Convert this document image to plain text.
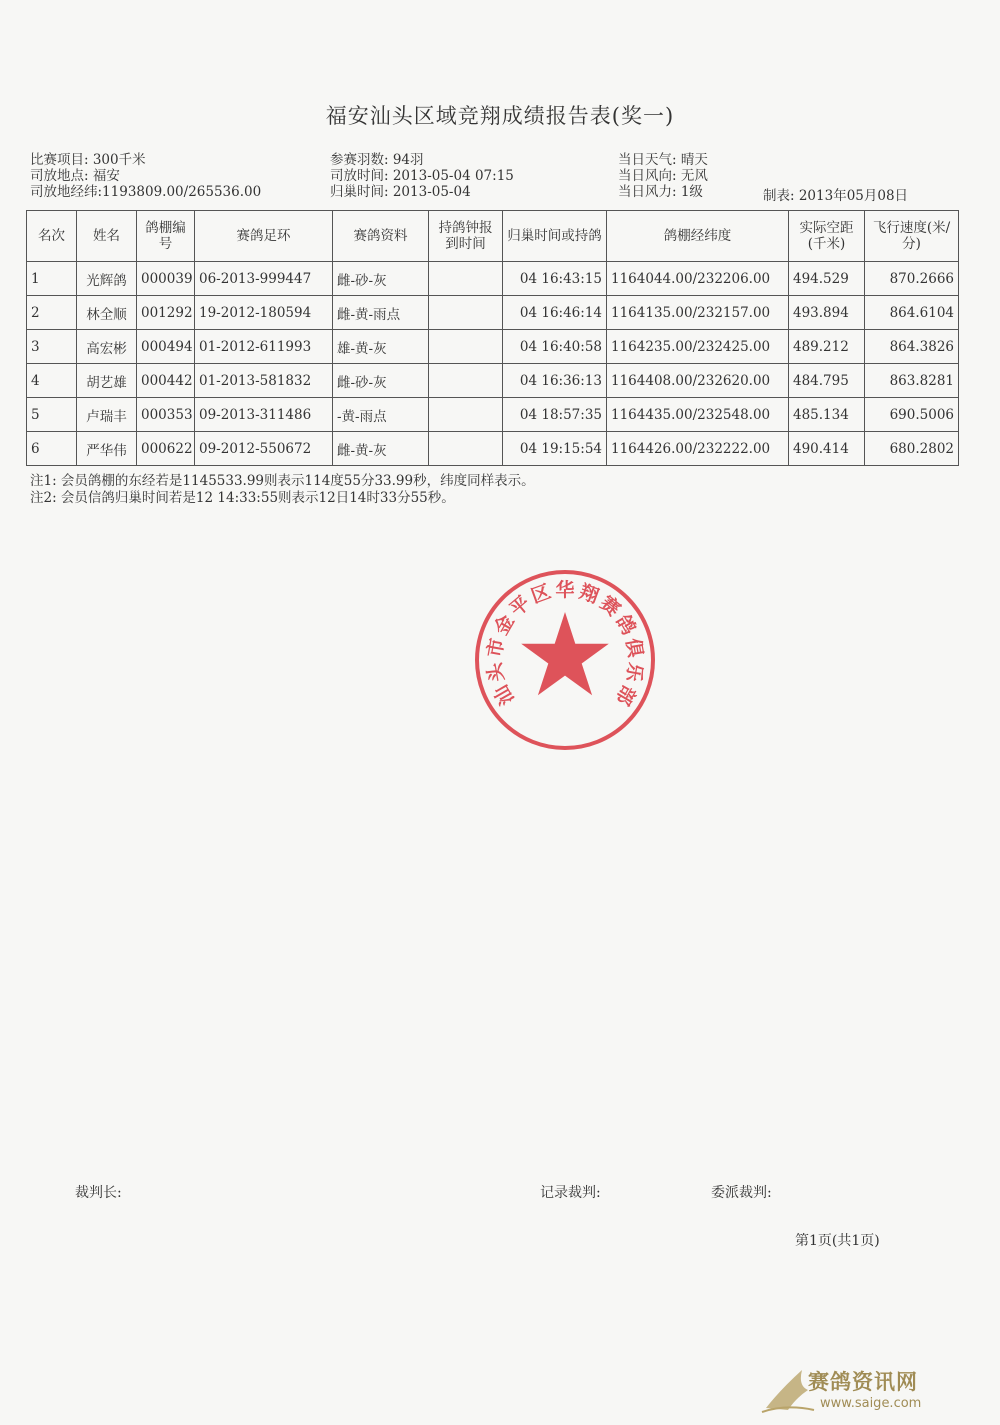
福安汕头区域竞翔成绩报告表(奖一)
比赛项目: 300千米
司放地点: 福安
司放地经纬:1193809.00/265536.00
参赛羽数: 94羽
司放时间: 2013-05-04 07:15
归巢时间: 2013-05-04
当日天气: 晴天
当日风向: 无风
当日风力: 1级	制表: 2013年05月08日
名次	姓名	鸽棚编号	赛鸽足环	赛鸽资料	持鸽钟报到时间	归巢时间或持鸽	鸽棚经纬度	实际空距(千米)	飞行速度(米/分)
1	光辉鸽	000039	06-2013-999447	雌-砂-灰		04 16:43:15	1164044.00/232206.00	494.529	870.2666
2	林全顺	001292	19-2012-180594	雌-黄-雨点		04 16:46:14	1164135.00/232157.00	493.894	864.6104
3	高宏彬	000494	01-2012-611993	雄-黄-灰		04 16:40:58	1164235.00/232425.00	489.212	864.3826
4	胡艺雄	000442	01-2013-581832	雌-砂-灰		04 16:36:13	1164408.00/232620.00	484.795	863.8281
5	卢瑞丰	000353	09-2013-311486	-黄-雨点		04 18:57:35	1164435.00/232548.00	485.134	690.5006
6	严华伟	000622	09-2012-550672	雌-黄-灰		04 19:15:54	1164426.00/232222.00	490.414	680.2802
注1: 会员鸽棚的东经若是1145533.99则表示114度55分33.99秒，纬度同样表示。
注2: 会员信鸽归巢时间若是12 14:33:55则表示12日14时33分55秒。
汕
头
市
金
平
区 华 翔
赛
鸽
俱
乐
部
裁判长:	记录裁判:	委派裁判:
第1页(共1页)
赛鸽资讯网
www.saige.com
